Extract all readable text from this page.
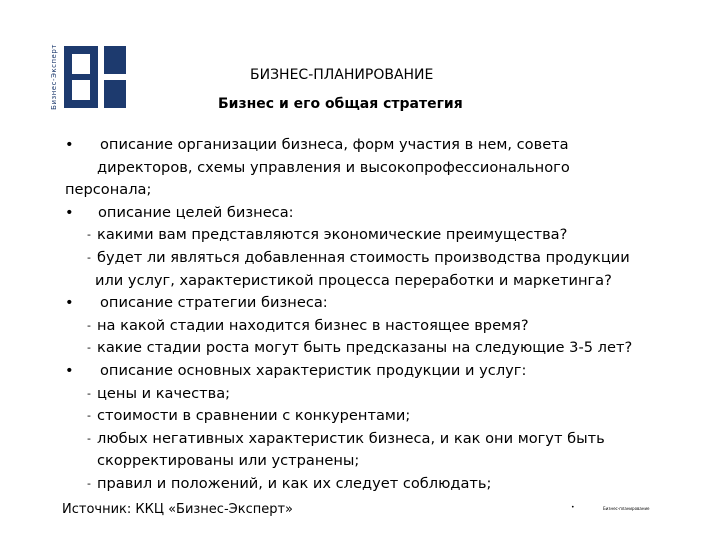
Бизнес-Эксперт	БИЗНЕС-ПЛАНИРОВАНИЕ
Бизнес и его общая стратегия
• описание организации бизнеса, форм участия в нем, совета
директоров, схемы управления и высокопрофессионального
персонала;
• описание целей бизнеса:
- какими вам представляются экономические преимущества?
- будет ли являться добавленная стоимость производства продукции
или услуг, характеристикой процесса переработки и маркетинга?
• описание стратегии бизнеса:
- на какой стадии находится бизнес в настоящее время?
- какие стадии роста могут быть предсказаны на следующие 3-5 лет?
• описание основных характеристик продукции и услуг:
- цены и качества;
- стоимости в сравнении с конкурентами;
- любых негативных характеристик бизнеса, и как они могут быть
скорректированы или устранены;
- правил и положений, и как их следует соблюдать;
Источник: ККЦ «Бизнес-Эксперт»	•	Бизнес-планирование
